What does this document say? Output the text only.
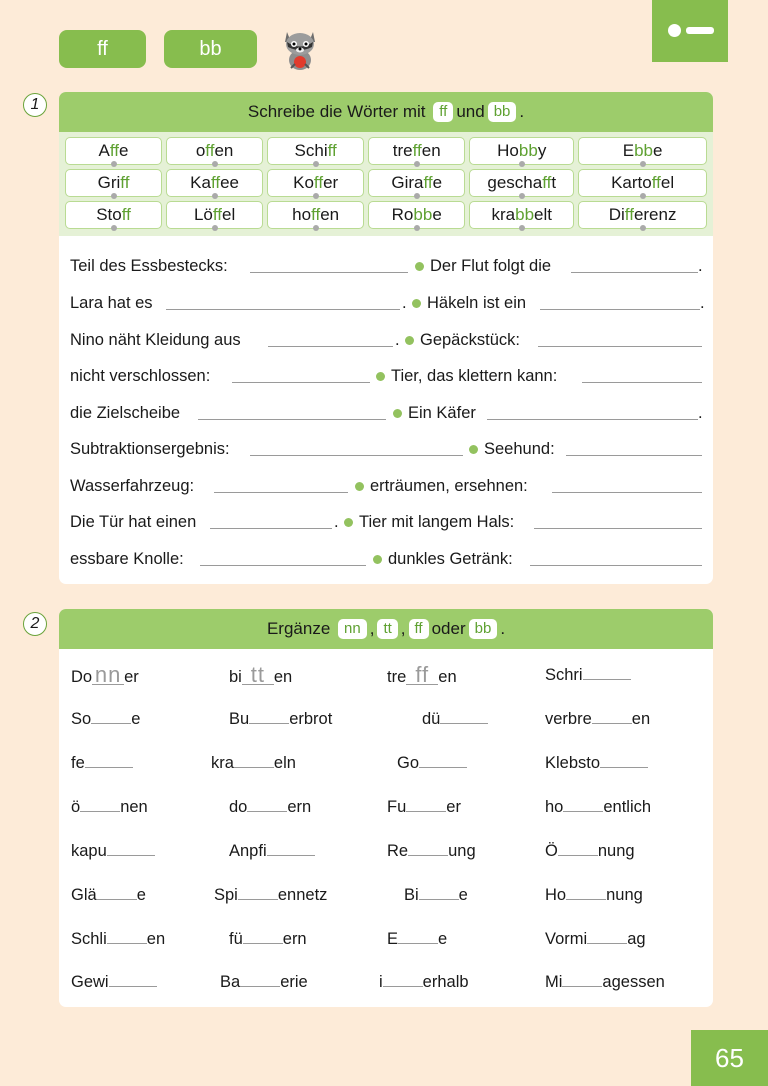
ff	bb
1	Schreibe die Wörter mit
ff und bb .
A ff e	o ff en	Schi ff	tre ff en	Ho bb y	E bb e
Gri ff	Ka ff ee	Ko ff er	Gira ff e	gescha ff t	Karto ff el
Sto ff	Lö ff el	ho ff en	Ro bb e	kra bb elt	Di ff erenz
Teil des Essbestecks:	Der Flut folgt die	.
Lara hat es	. Häkeln ist ein	.
Nino näht Kleidung aus	. Gepäckstück:
nicht verschlossen:	Tier, das klettern kann:
die Zielscheibe	Ein Käfer	.
Subtraktionsergebnis:	Seehund:
Wasserfahrzeug:	erträumen, ersehnen:
Die Tür hat einen	. Tier mit langem Hals:
essbare Knolle:	dunkles Getränk:
2	Ergänze
nn , tt , ff oder bb .
Do nn er	bi tt en	tre ff en	Schri
So e	Bu erbrot	dü	verbre en
fe	kra eln	Go	Klebsto
ö nen	do ern	Fu er	ho entlich
kapu	Anpfi	Re ung	Ö nung
Glä e	Spi ennetz	Bi e	Ho nung
Schli en	fü ern	E e	Vormi ag
Gewi	Ba erie	i erhalb	Mi agessen
65
